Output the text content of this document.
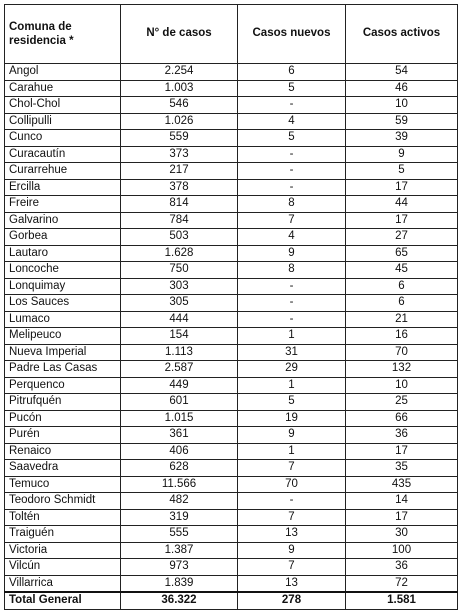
Comuna de residencia *	N° de casos	Casos nuevos	Casos activos
Angol	2.254	6	54
Carahue	1.003	5	46
Chol-Chol	546	-	10
Collipulli	1.026	4	59
Cunco	559	5	39
Curacautín	373	-	9
Curarrehue	217	-	5
Ercilla	378	-	17
Freire	814	8	44
Galvarino	784	7	17
Gorbea	503	4	27
Lautaro	1.628	9	65
Loncoche	750	8	45
Lonquimay	303	-	6
Los Sauces	305	-	6
Lumaco	444	-	21
Melipeuco	154	1	16
Nueva Imperial	1.113	31	70
Padre Las Casas	2.587	29	132
Perquenco	449	1	10
Pitrufquén	601	5	25
Pucón	1.015	19	66
Purén	361	9	36
Renaico	406	1	17
Saavedra	628	7	35
Temuco	11.566	70	435
Teodoro Schmidt	482	-	14
Toltén	319	7	17
Traiguén	555	13	30
Victoria	1.387	9	100
Vilcún	973	7	36
Villarrica	1.839	13	72
Total General	36.322	278	1.581
